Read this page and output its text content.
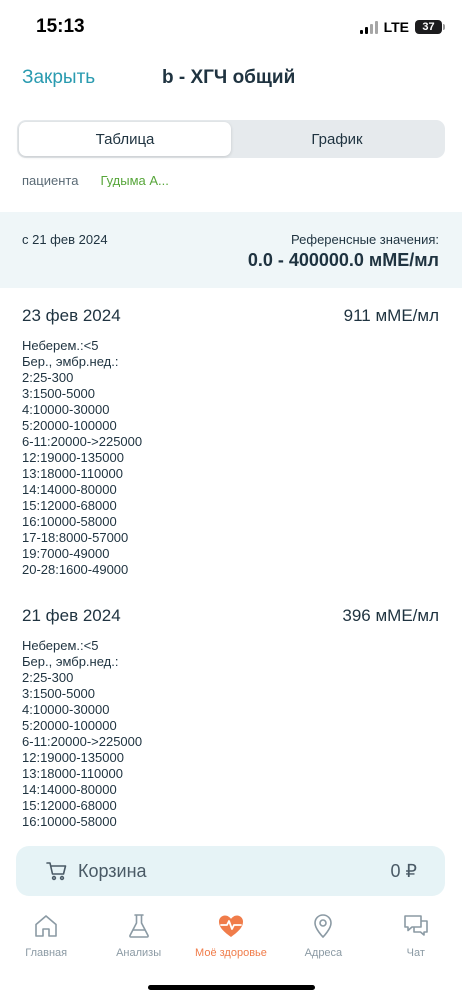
15:13	LTE	37
Закрыть	b - ХГЧ общий
Таблица	График
пациента Гудыма А...
с 21 фев 2024	Референсные значения:
0.0 - 400000.0 мМЕ/мл
23 фев 2024	911 мМЕ/мл
Неберем.:<5
Бер., эмбр.нед.:
2:25-300
3:1500-5000
4:10000-30000
5:20000-100000
6-11:20000->225000
12:19000-135000
13:18000-110000
14:14000-80000
15:12000-68000
16:10000-58000
17-18:8000-57000
19:7000-49000
20-28:1600-49000
21 фев 2024	396 мМЕ/мл
Неберем.:<5
Бер., эмбр.нед.:
2:25-300
3:1500-5000
4:10000-30000
5:20000-100000
6-11:20000->225000
12:19000-135000
13:18000-110000
14:14000-80000
15:12000-68000
16:10000-58000
Корзина	0 ₽
Главная	Анализы	Моё здоровье	Адреса	Чат
